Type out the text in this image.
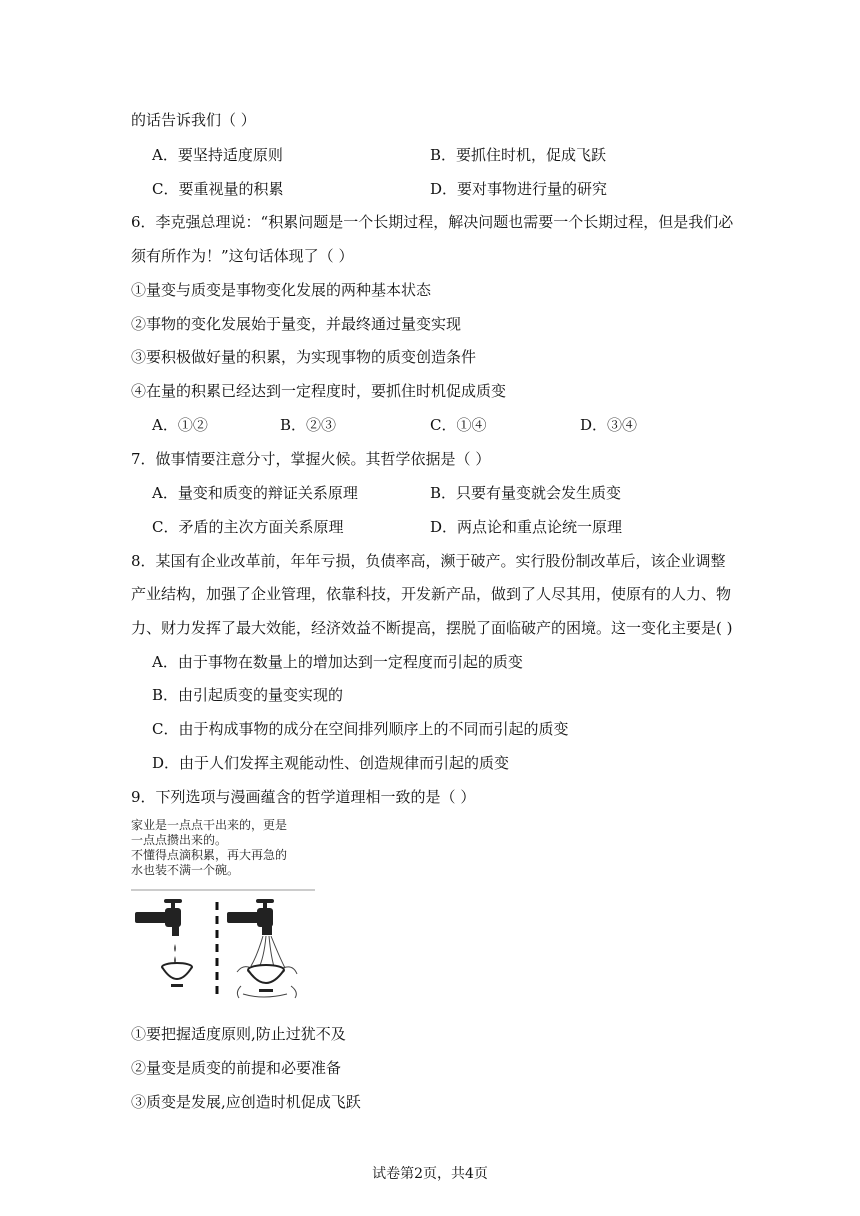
的话告诉我们（ ）
A．要坚持适度原则	B．要抓住时机，促成飞跃
C．要重视量的积累	D．要对事物进行量的研究
6．李克强总理说：“积累问题是一个长期过程，解决问题也需要一个长期过程，但是我们必
须有所作为！”这句话体现了（ ）
①量变与质变是事物变化发展的两种基本状态
②事物的变化发展始于量变，并最终通过量变实现
③要积极做好量的积累，为实现事物的质变创造条件
④在量的积累已经达到一定程度时，要抓住时机促成质变
A．①②	B．②③	C．①④	D．③④
7．做事情要注意分寸，掌握火候。其哲学依据是（ ）
A．量变和质变的辩证关系原理	B．只要有量变就会发生质变
C．矛盾的主次方面关系原理	D．两点论和重点论统一原理
8．某国有企业改革前，年年亏损，负债率高，濒于破产。实行股份制改革后，该企业调整
产业结构，加强了企业管理，依靠科技，开发新产品，做到了人尽其用，使原有的人力、物
力、财力发挥了最大效能，经济效益不断提高，摆脱了面临破产的困境。这一变化主要是( )
A．由于事物在数量上的增加达到一定程度而引起的质变
B．由引起质变的量变实现的
C．由于构成事物的成分在空间排列顺序上的不同而引起的质变
D．由于人们发挥主观能动性、创造规律而引起的质变
9．下列选项与漫画蕴含的哲学道理相一致的是（ ）
家业是一点点干出来的，更是
一点点攒出来的。
不懂得点滴积累，再大再急的
水也装不满一个碗。
①要把握适度原则,防止过犹不及
②量变是质变的前提和必要准备
③质变是发展,应创造时机促成飞跃
试卷第2页，共4页
